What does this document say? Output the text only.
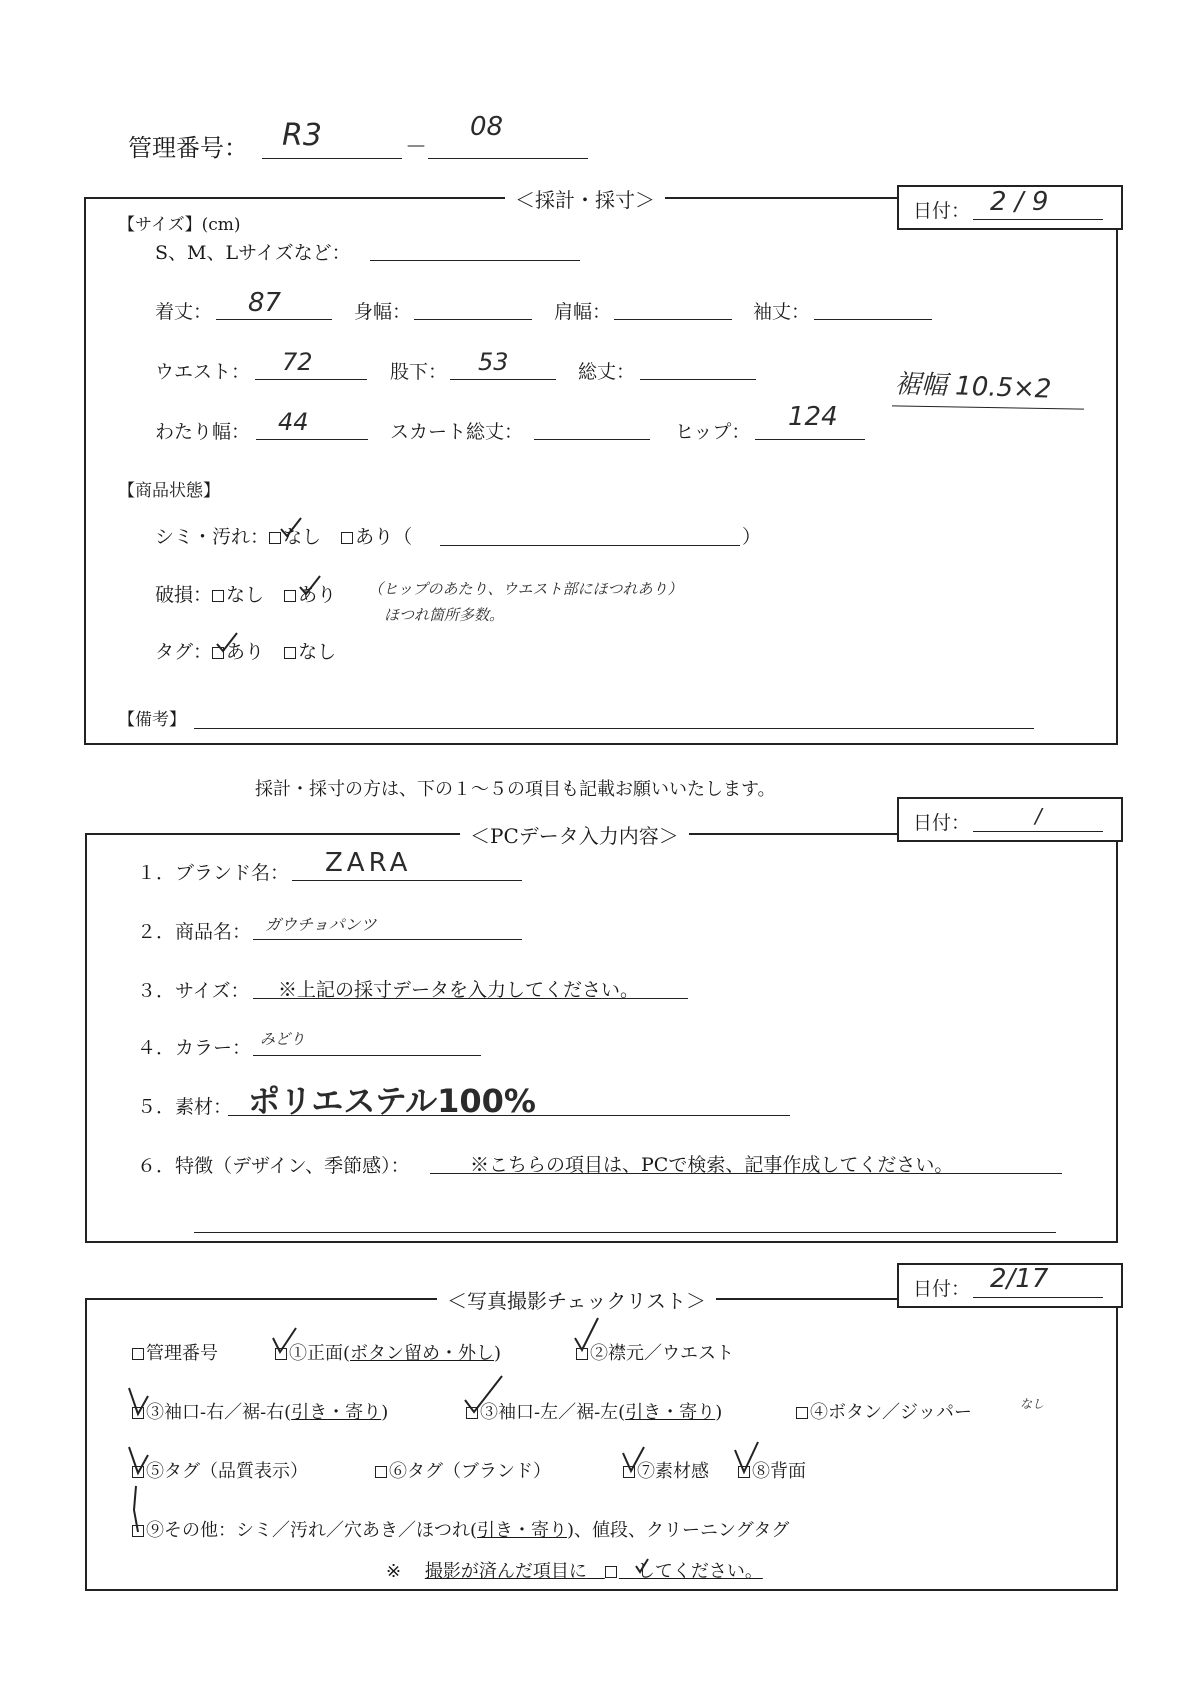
管理番号： R3	－
08
＜採計・採寸＞	日付： 2 / 9
【サイズ】(cm)
S、M、Lサイズなど：
着丈： 87	身幅：	肩幅：	袖丈：
ウエスト： 72	股下： 53	総丈：	裾幅 10.5×2
わたり幅： 44	スカート総丈：	ヒップ： 124
【商品状態】
シミ・汚れ： なし あり（	）
破損： なし あり （ヒップのあたり、ウエスト部にほつれあり）
ほつれ箇所多数。
タグ： あり なし
【備考】
採計・採寸の方は、下の１～５の項目も記載お願いいたします。
＜PCデータ入力内容＞
日付：	/
１．ブランド名： ZARA
２．商品名： ガウチョパンツ
３．サイズ： ※上記の採寸データを入力してください。
４．カラー： みどり
５．素材： ポリエステル100%
６．特徴（デザイン、季節感）：	※こちらの項目は、PCで検索、記事作成してください。
＜写真撮影チェックリスト＞	日付： 2/17
管理番号	①正面(ボタン留め・外し)	②襟元／ウエスト
③袖口-右／裾-右(引き・寄り)	③袖口-左／裾-左(引き・寄り)	④ボタン／ジッパー	なし
⑤タグ（品質表示）	⑥タグ（ブランド）	⑦素材感	⑧背面
⑨その他：シミ／汚れ／穴あき／ほつれ(引き・寄り)、値段、クリーニングタグ
※ 撮影が済んだ項目に　　	してください。
